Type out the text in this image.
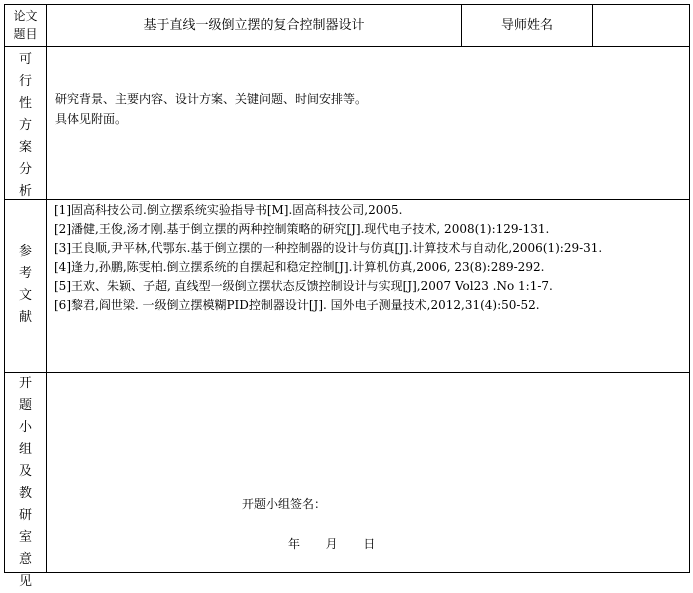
论文
题目
基于直线一级倒立摆的复合控制器设计	导师姓名
可
行
性
方
案
分
析
研究背景、主要内容、设计方案、关键问题、时间安排等。
具体见附面。
参
考
文
献

[1]固高科技公司.倒立摆系统实验指导书[M].固高科技公司,2005.

[2]潘健,王俊,汤才刚.基于倒立摆的两种控制策略的研究[J].现代电子技术, 2008(1):129-131.

[3]王良顺,尹平林,代鄂东.基于倒立摆的一种控制器的设计与仿真[J].计算技术与自动化,2006(1):29-31.

[4]逢力,孙鹏,陈雯柏.倒立摆系统的自摆起和稳定控制[J].计算机仿真,2006, 23(8):289-292.

[5]王欢、朱颖、子超, 直线型一级倒立摆状态反馈控制设计与实现[J],2007 Vol23 .No 1:1-7.

[6]黎君,阎世梁. 一级倒立摆模糊PID控制器设计[J]. 国外电子测量技术,2012,31(4):50-52.

开
题
小
组
及
教
研
室
意
见
开题小组签名：
年 月 日
